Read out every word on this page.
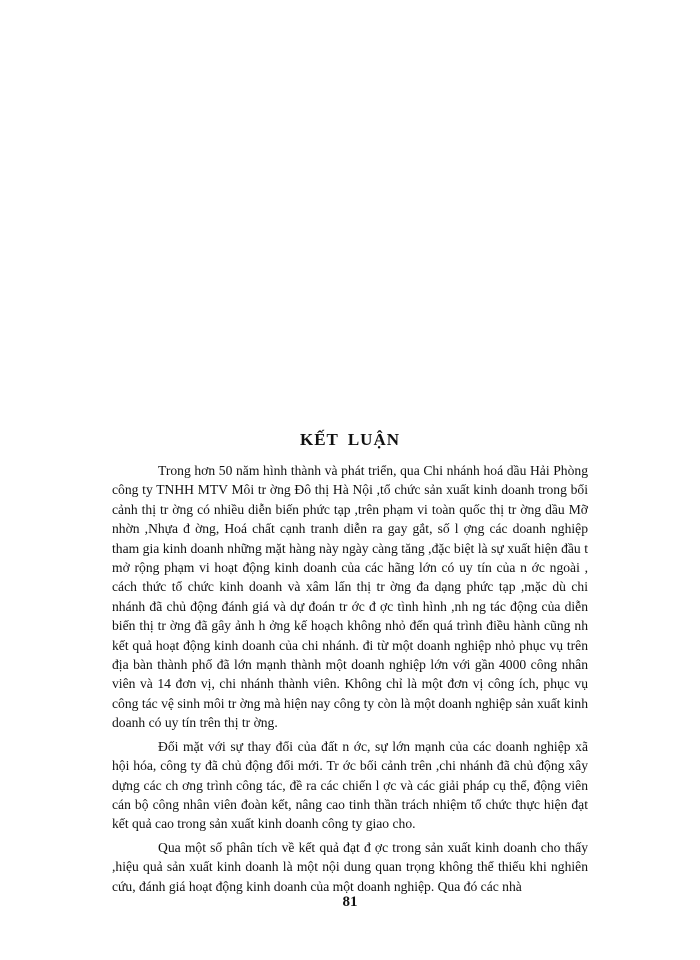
KẾT LUẬN

Trong hơn 50 năm hình thành và phát triển, qua Chi nhánh hoá dầu Hải Phòng công ty TNHH MTV Môi tr ờng Đô thị Hà Nội ,tổ chức sản xuất kinh doanh trong bối cảnh thị tr ờng có nhiều diễn biến phức tạp ,trên phạm vi toàn quốc thị tr ờng dầu Mỡ nhờn ,Nhựa đ ờng, Hoá chất cạnh tranh diễn ra gay gắt, số l ợng các doanh nghiệp tham gia kinh doanh những mặt hàng này ngày càng tăng ,đặc biệt là sự xuất hiện đầu t mở rộng phạm vi hoạt động kinh doanh của các hãng lớn có uy tín của n ớc ngoài , cách thức tổ chức kinh doanh và xâm lấn thị tr ờng đa dạng phức tạp ,mặc dù chi nhánh đã chủ động đánh giá và dự đoán tr ớc đ ợc tình hình ,nh ng tác động của diễn biến thị tr ờng đã gây ảnh h ởng kế hoạch không nhỏ đến quá trình điều hành cũng nh kết quả hoạt động kinh doanh của chi nhánh. đi từ một doanh nghiệp nhỏ phục vụ trên địa bàn thành phố đã lớn mạnh thành một doanh nghiệp lớn với gần 4000 công nhân viên và 14 đơn vị, chi nhánh thành viên. Không chỉ là một đơn vị công ích, phục vụ công tác vệ sinh môi tr ờng mà hiện nay công ty còn là một doanh nghiệp sản xuất kinh doanh có uy tín trên thị tr ờng.

Đối mặt với sự thay đổi của đất n ớc, sự lớn mạnh của các doanh nghiệp xã hội hóa, công ty đã chủ động đổi mới. Tr ớc bối cảnh trên ,chi nhánh đã chủ động xây dựng các ch ơng trình công tác, đề ra các chiến l ợc và các giải pháp cụ thể, động viên cán bộ công nhân viên đoàn kết, nâng cao tinh thần trách nhiệm tổ chức thực hiện đạt kết quả cao trong sản xuất kinh doanh công ty giao cho.

Qua một số phân tích về kết quả đạt đ ợc trong sản xuất kinh doanh cho thấy ,hiệu quả sản xuất kinh doanh là một nội dung quan trọng không thể thiếu khi nghiên cứu, đánh giá hoạt động kinh doanh của một doanh nghiệp. Qua đó các nhà

81
